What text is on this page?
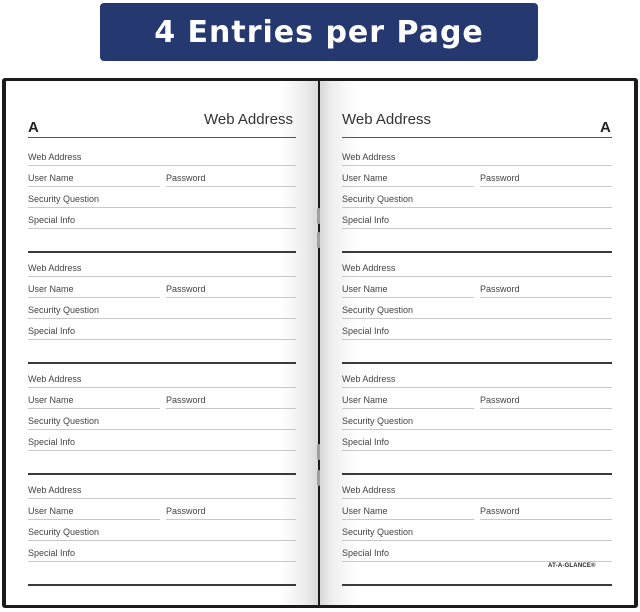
4 Entries per Page
A	Web Address
Web Address
User Name	Password
Security Question
Special Info
Web Address
User Name	Password
Security Question
Special Info
Web Address
User Name	Password
Security Question
Special Info
Web Address
User Name	Password
Security Question
Special Info
Web Address	A
Web Address
User Name	Password
Security Question
Special Info
Web Address
User Name	Password
Security Question
Special Info
Web Address
User Name	Password
Security Question
Special Info
Web Address
User Name	Password
Security Question
Special Info
AT-A-GLANCE®
